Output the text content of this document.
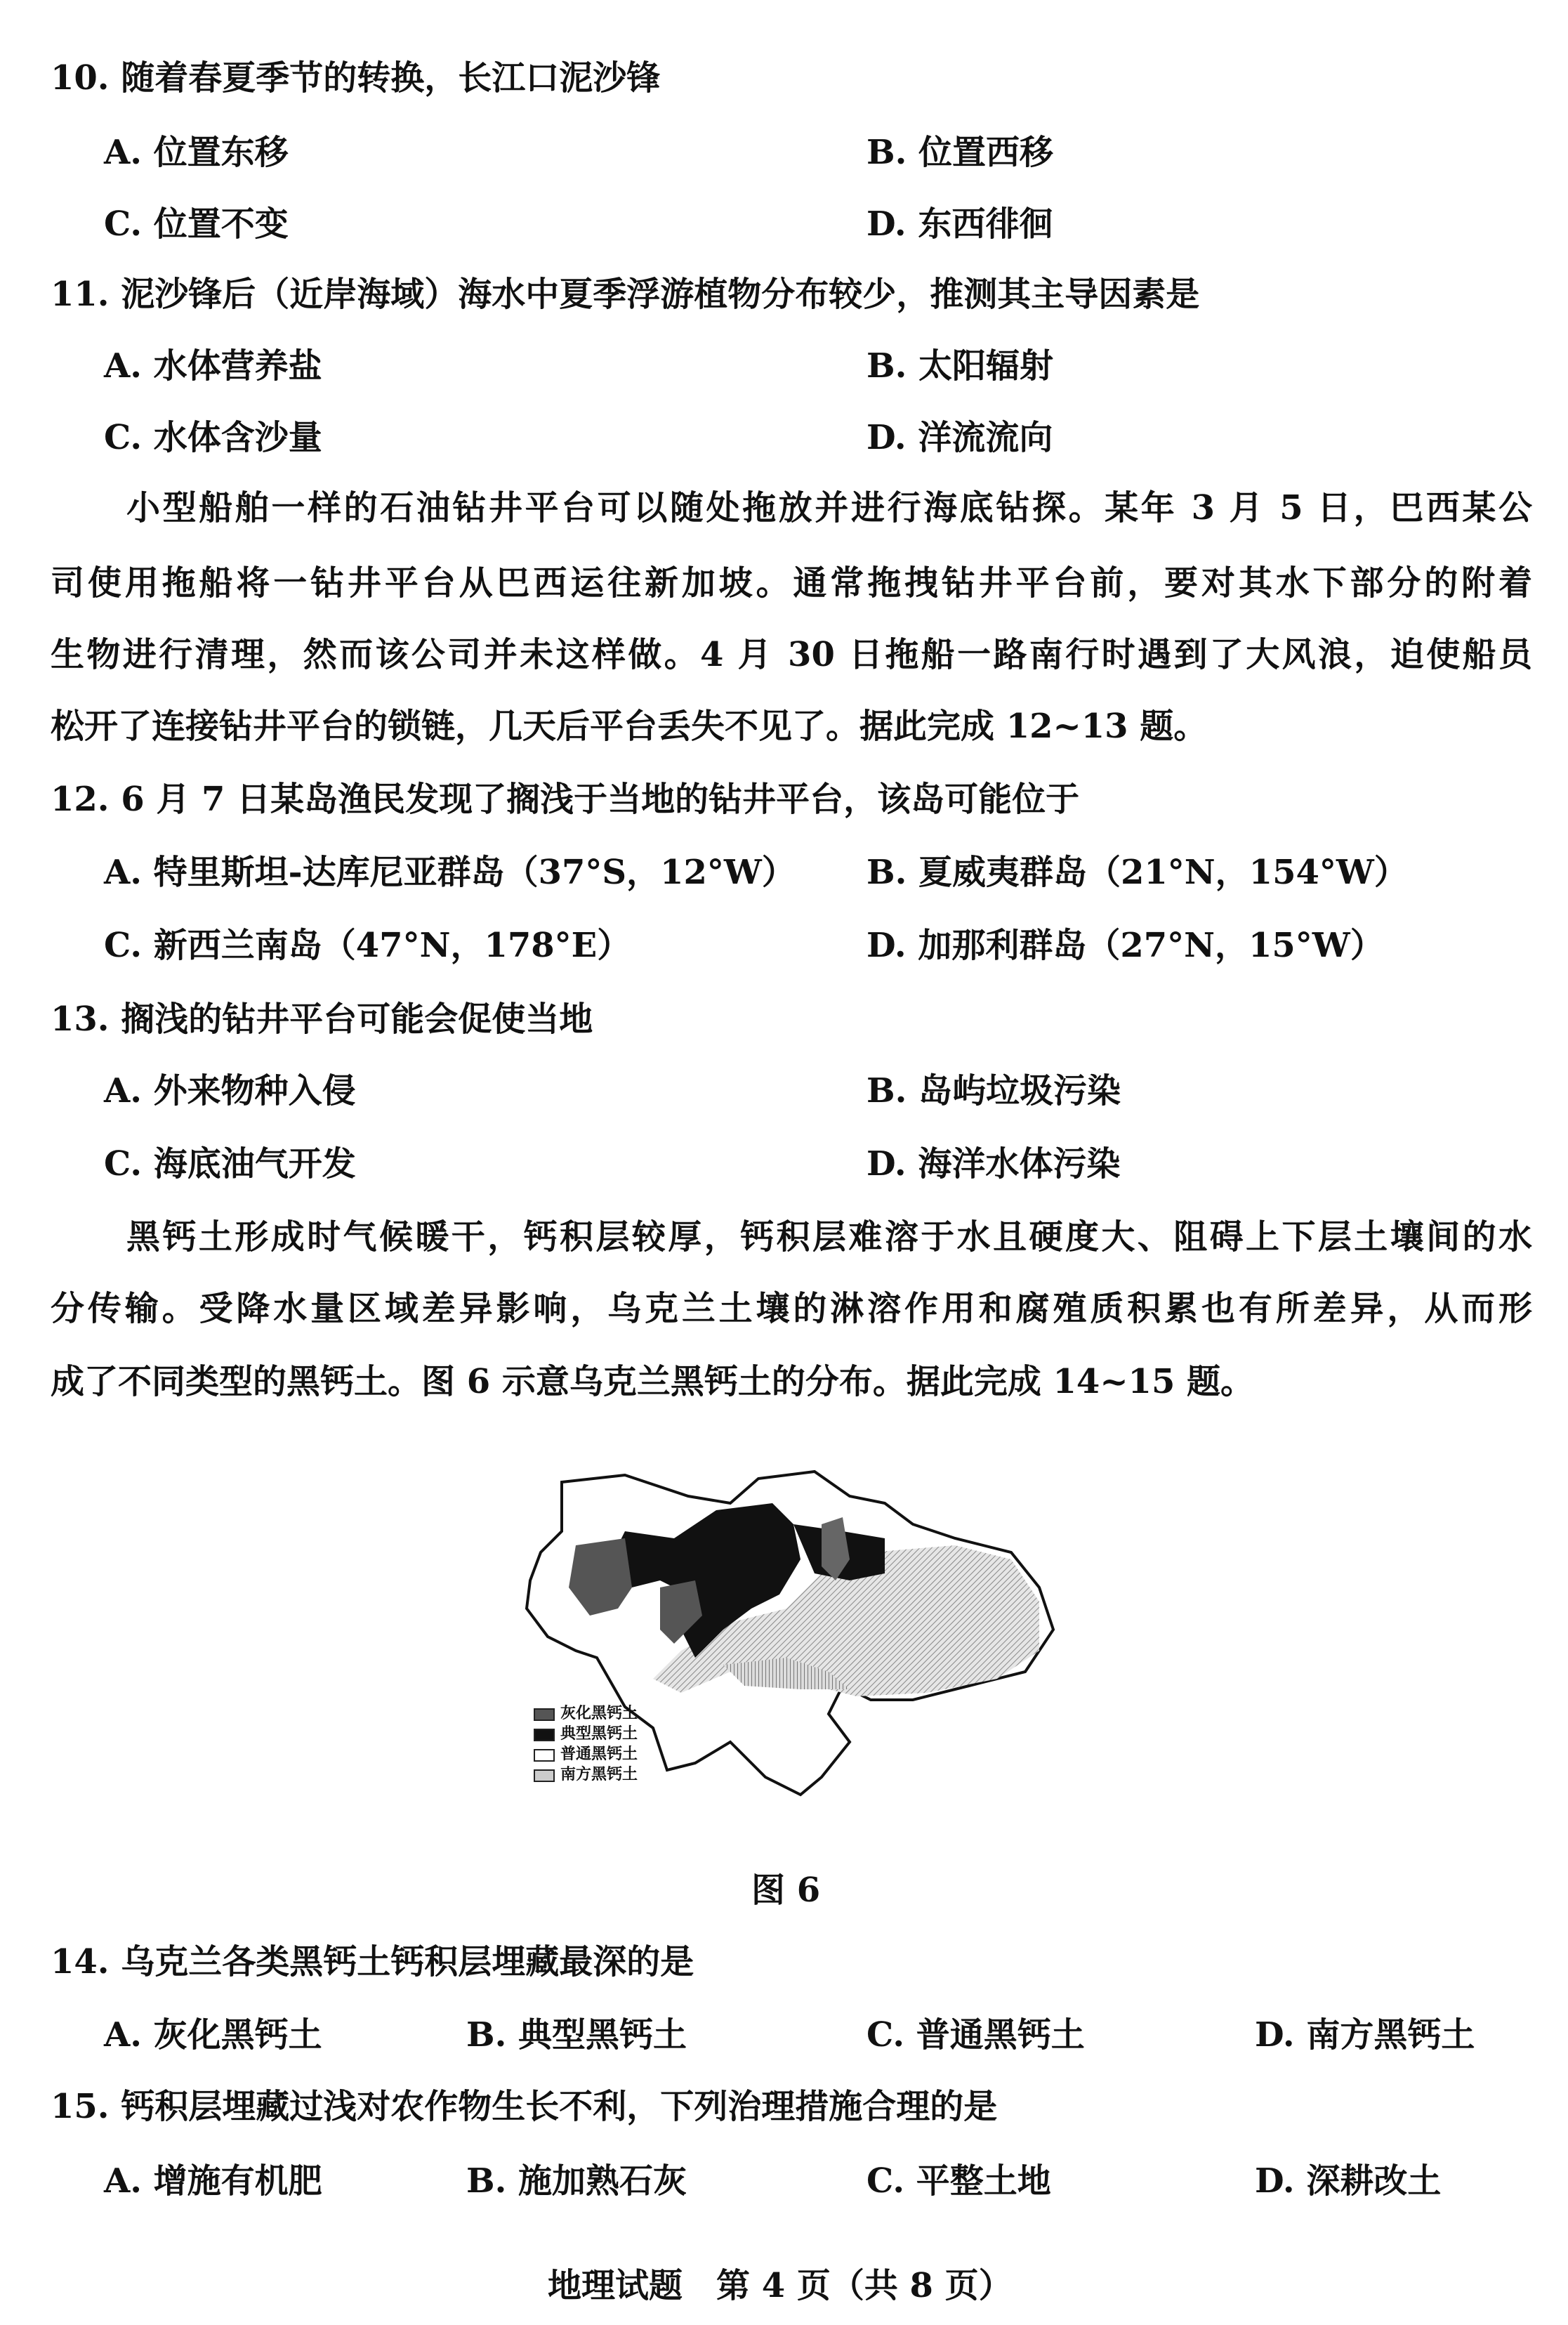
10. 随着春夏季节的转换，长江口泥沙锋
A. 位置东移	B. 位置西移
C. 位置不变	D. 东西徘徊
11. 泥沙锋后（近岸海域）海水中夏季浮游植物分布较少，推测其主导因素是
A. 水体营养盐	B. 太阳辐射
C. 水体含沙量	D. 洋流流向
小型船舶一样的石油钻井平台可以随处拖放并进行海底钻探。某年 3 月 5 日，巴西某公
司使用拖船将一钻井平台从巴西运往新加坡。通常拖拽钻井平台前，要对其水下部分的附着
生物进行清理，然而该公司并未这样做。4 月 30 日拖船一路南行时遇到了大风浪，迫使船员
松开了连接钻井平台的锁链，几天后平台丢失不见了。据此完成 12~13 题。
12. 6 月 7 日某岛渔民发现了搁浅于当地的钻井平台，该岛可能位于
A. 特里斯坦-达库尼亚群岛（37°S，12°W） B. 夏威夷群岛（21°N，154°W）
C. 新西兰南岛（47°N，178°E）	D. 加那利群岛（27°N，15°W）
13. 搁浅的钻井平台可能会促使当地
A. 外来物种入侵	B. 岛屿垃圾污染
C. 海底油气开发	D. 海洋水体污染
黑钙土形成时气候暖干，钙积层较厚，钙积层难溶于水且硬度大、阻碍上下层土壤间的水
分传输。受降水量区域差异影响，乌克兰土壤的淋溶作用和腐殖质积累也有所差异，从而形
成了不同类型的黑钙土。图 6 示意乌克兰黑钙土的分布。据此完成 14~15 题。
灰化黑钙土
典型黑钙土
普通黑钙土
南方黑钙土
图 6
14. 乌克兰各类黑钙土钙积层埋藏最深的是
A. 灰化黑钙土	B. 典型黑钙土	C. 普通黑钙土	D. 南方黑钙土
15. 钙积层埋藏过浅对农作物生长不利，下列治理措施合理的是
A. 增施有机肥	B. 施加熟石灰	C. 平整土地	D. 深耕改土
地理试题　第 4 页（共 8 页）
